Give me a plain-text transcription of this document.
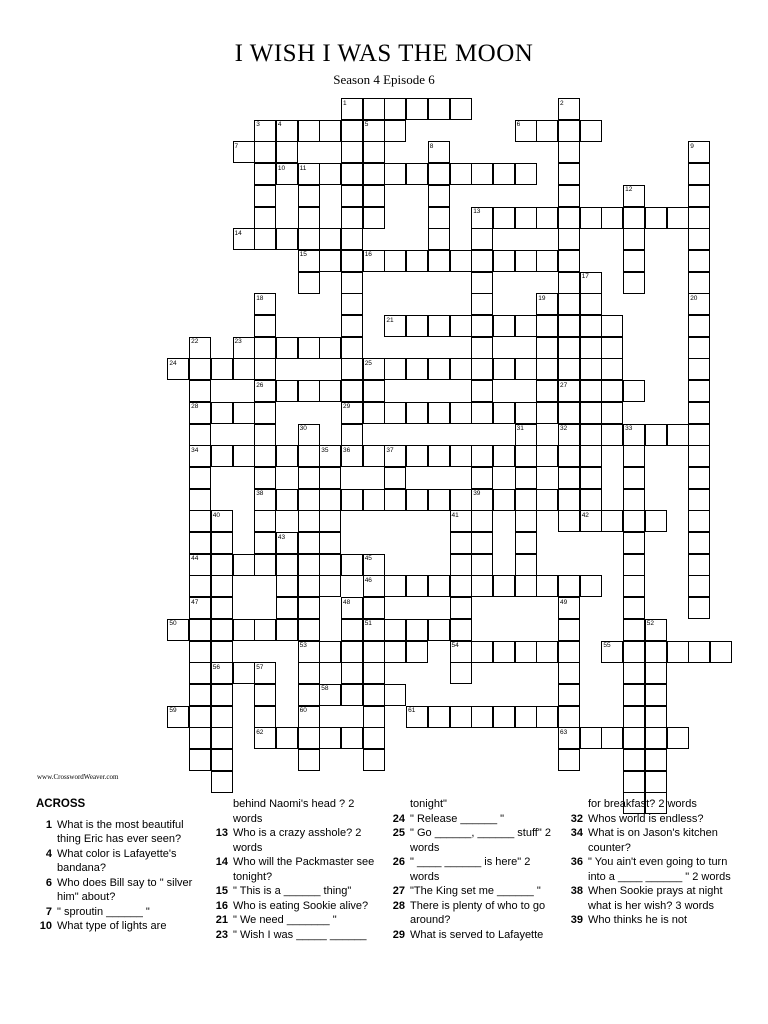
I WISH I WAS THE MOON
Season 4 Episode 6
1	2
3	4	5	6
7	8	9
10 11
12
13
14
15	16
17
18	19	20
21
22	23
24	25
26	27
28	29
30	31	32	33
34	35 36	37
38	39
40	41	42
43
44	45
46
47	48	49
50	51	52
53	54	55
56	57
58
59	60	61
62	63
www.CrosswordWeaver.com
ACROSS
1 What is the most beautiful thing Eric has ever seen?
4 What color is Lafayette's bandana?
6 Who does Bill say to " silver him" about?
7 " sproutin ______ "
10 What type of lights are
behind Naomi's head ? 2 words
13 Who is a crazy asshole? 2 words
14 Who will the Packmaster see tonight?
15 " This is a ______ thing"
16 Who is eating Sookie alive?
21 " We need _______ "
23 " Wish I was _____ ______
tonight"
24 " Release ______ "
25 " Go ______, ______ stuff" 2 words
26 " ____ ______ is here" 2 words
27 "The King set me ______ "
28 There is plenty of who to go around?
29 What is served to Lafayette
for breakfast? 2 words
32 Whos world is endless?
34 What is on Jason's kitchen counter?
36 " You ain't even going to turn into a ____ ______ " 2 words
38 When Sookie prays at night what is her wish? 3 words
39 Who thinks he is not
